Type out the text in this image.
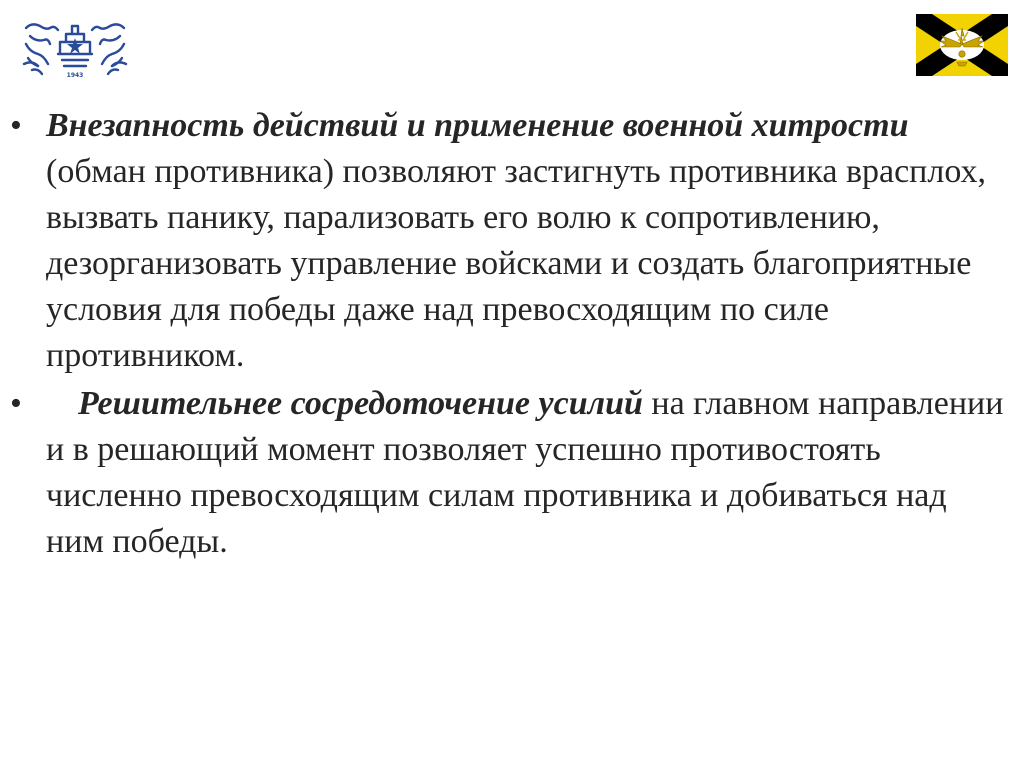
1943
• Внезапность действий и применение военной хитрости (обман противника) позволяют застигнуть противника врасплох, вызвать панику, парализовать его волю к сопротивлению, дезорганизовать управление войсками и создать благоприятные условия для победы даже над превосходящим по силе противником.
• Решительнее сосредоточение усилий на главном направлении и в решающий момент позволяет успешно противостоять численно превосходящим силам противника и добиваться над ним победы.
